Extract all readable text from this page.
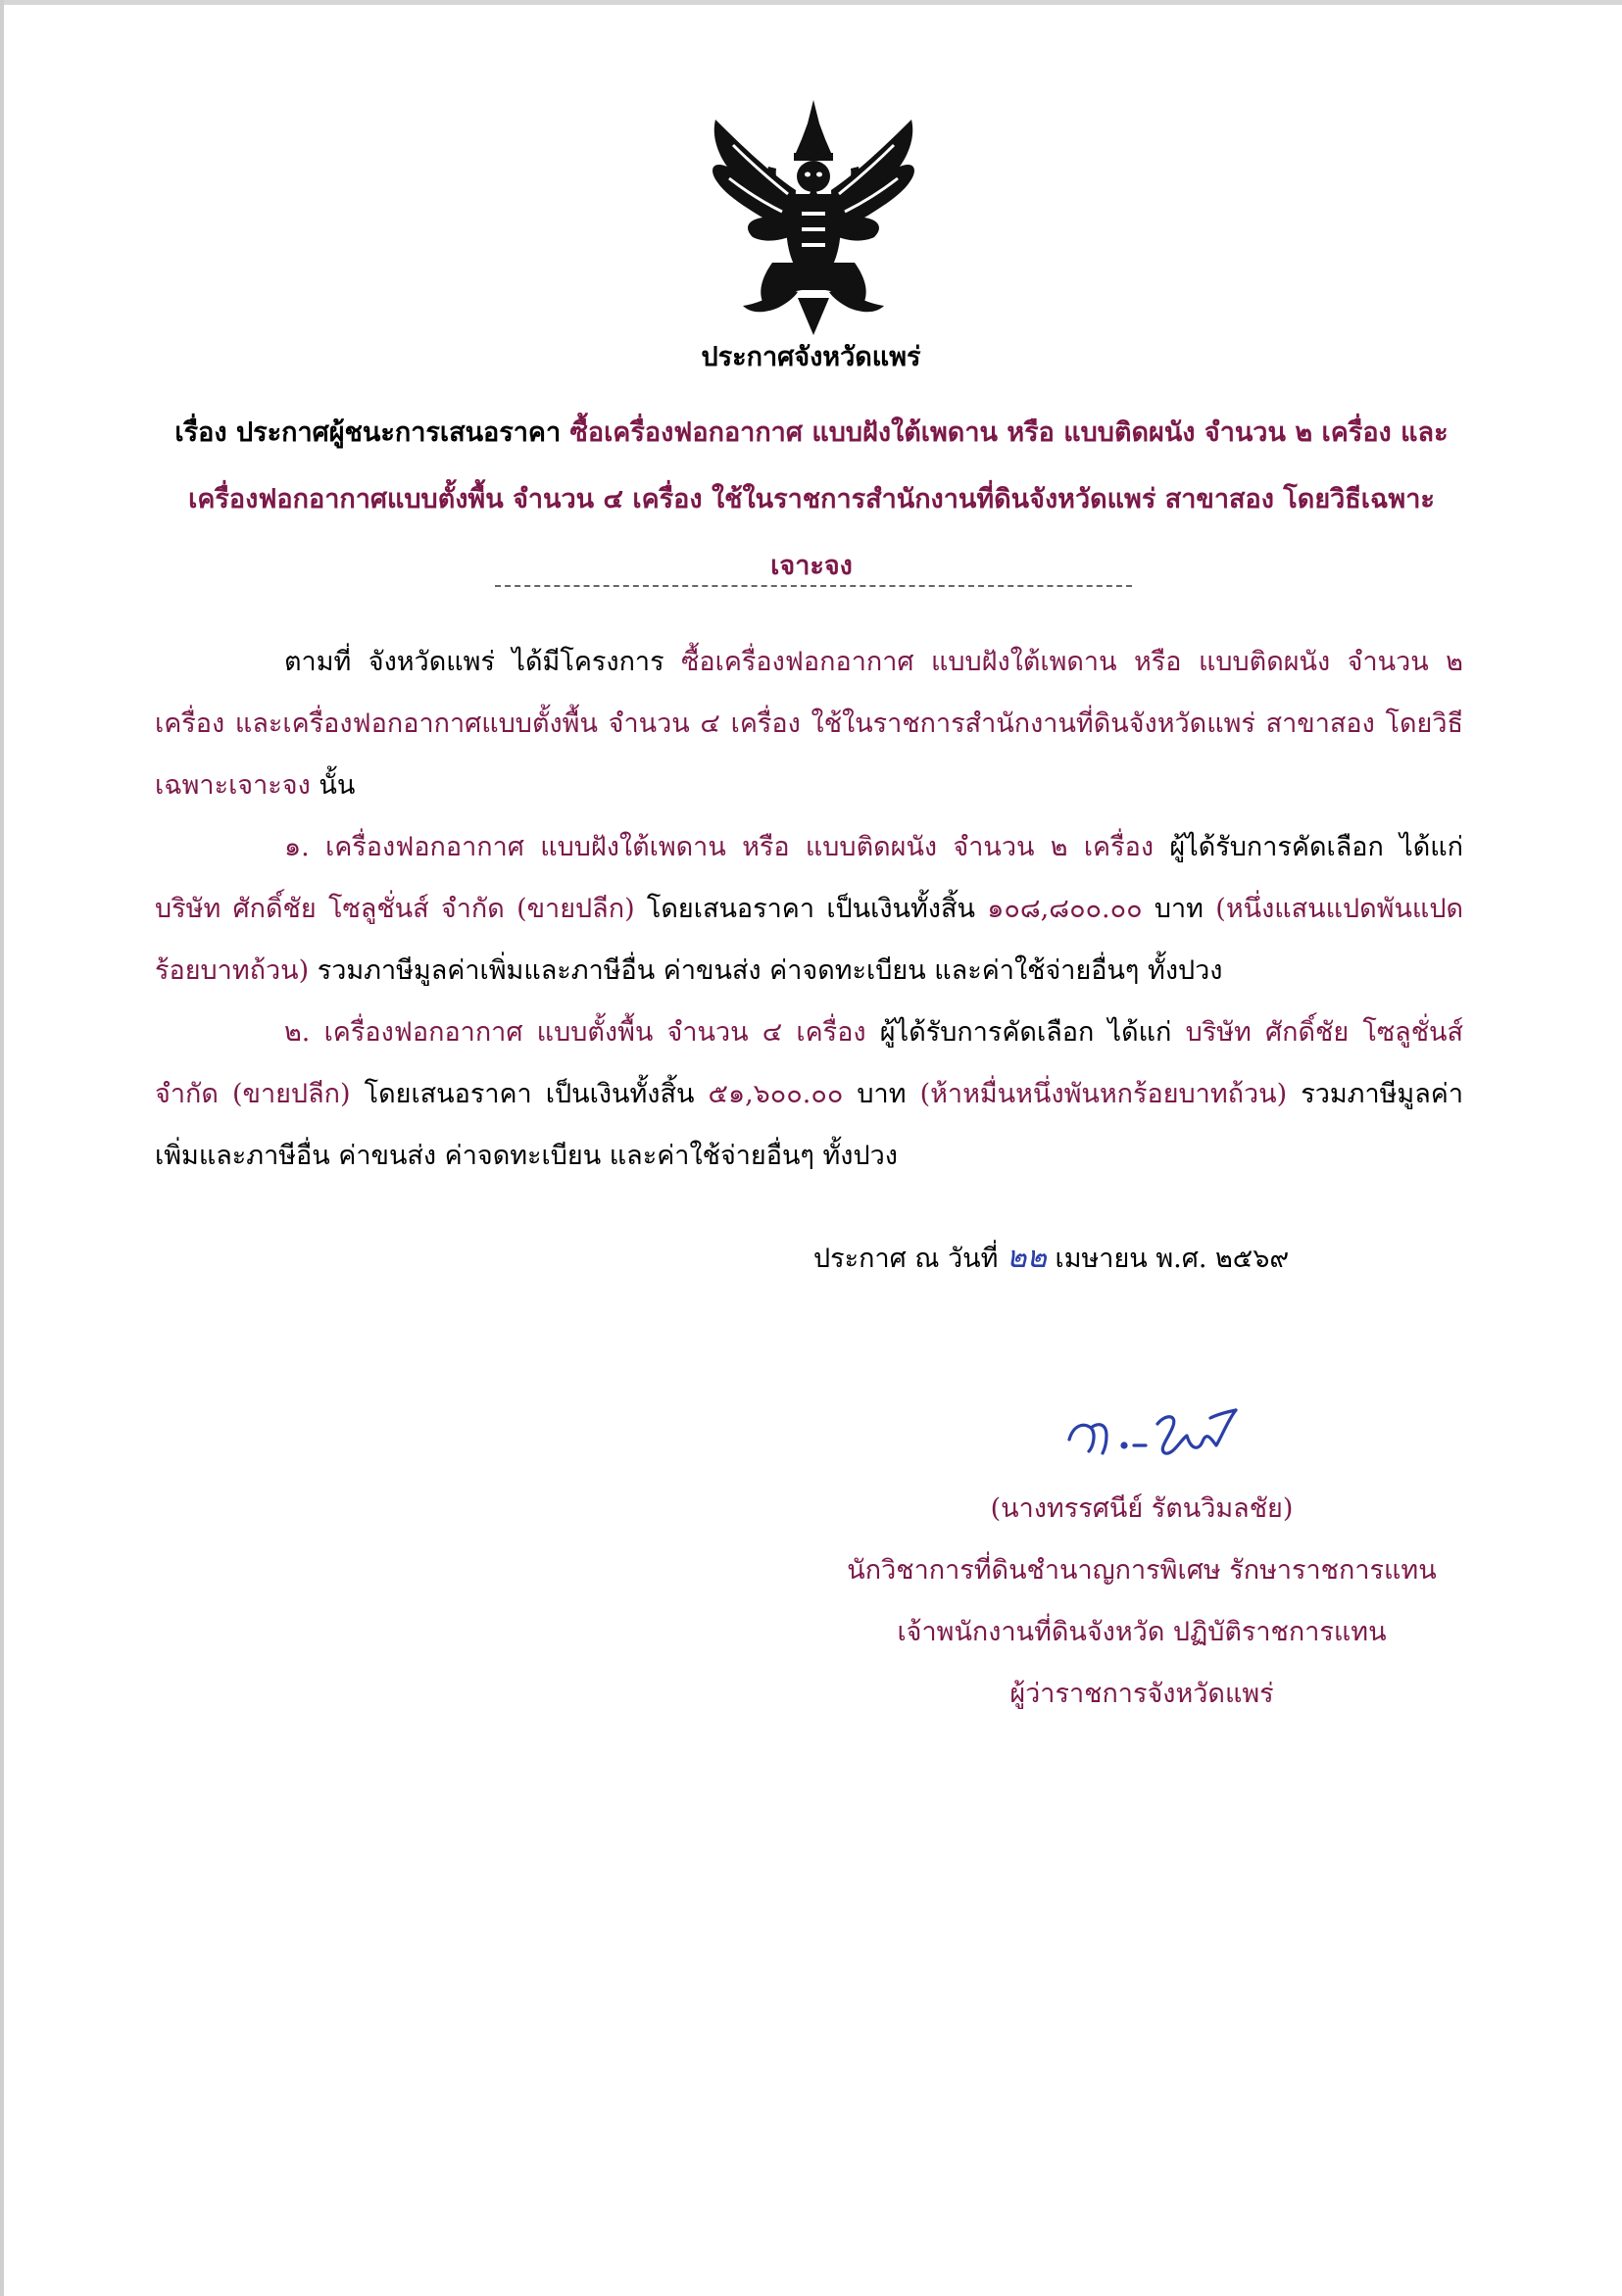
ประกาศจังหวัดแพร่
เรื่อง ประกาศผู้ชนะการเสนอราคา ซื้อเครื่องฟอกอากาศ แบบฝังใต้เพดาน หรือ แบบติดผนัง จำนวน ๒ เครื่อง และเครื่องฟอกอากาศแบบตั้งพื้น จำนวน ๔ เครื่อง ใช้ในราชการสำนักงานที่ดินจังหวัดแพร่ สาขาสอง โดยวิธีเฉพาะเจาะจง

ตามที่ จังหวัดแพร่ ได้มีโครงการ ซื้อเครื่องฟอกอากาศ แบบฝังใต้เพดาน หรือ แบบติดผนัง จำนวน ๒ เครื่อง และเครื่องฟอกอากาศแบบตั้งพื้น จำนวน ๔ เครื่อง ใช้ในราชการสำนักงานที่ดินจังหวัดแพร่ สาขาสอง โดยวิธีเฉพาะเจาะจง นั้น

๑. เครื่องฟอกอากาศ แบบฝังใต้เพดาน หรือ แบบติดผนัง จำนวน ๒ เครื่อง ผู้ได้รับการคัดเลือก ได้แก่ บริษัท ศักดิ์ชัย โซลูชั่นส์ จำกัด (ขายปลีก) โดยเสนอราคา เป็นเงินทั้งสิ้น ๑๐๘,๘๐๐.๐๐ บาท (หนึ่งแสนแปดพันแปดร้อยบาทถ้วน) รวมภาษีมูลค่าเพิ่มและภาษีอื่น ค่าขนส่ง ค่าจดทะเบียน และค่าใช้จ่ายอื่นๆ ทั้งปวง

๒. เครื่องฟอกอากาศ แบบตั้งพื้น จำนวน ๔ เครื่อง ผู้ได้รับการคัดเลือก ได้แก่ บริษัท ศักดิ์ชัย โซลูชั่นส์ จำกัด (ขายปลีก) โดยเสนอราคา เป็นเงินทั้งสิ้น ๕๑,๖๐๐.๐๐ บาท (ห้าหมื่นหนึ่งพันหกร้อยบาทถ้วน) รวมภาษีมูลค่าเพิ่มและภาษีอื่น ค่าขนส่ง ค่าจดทะเบียน และค่าใช้จ่ายอื่นๆ ทั้งปวง

ประกาศ ณ วันที่ ๒๒ เมษายน พ.ศ. ๒๕๖๙
(นางทรรศนีย์ รัตนวิมลชัย)
นักวิชาการที่ดินชำนาญการพิเศษ รักษาราชการแทน
เจ้าพนักงานที่ดินจังหวัด ปฏิบัติราชการแทน
ผู้ว่าราชการจังหวัดแพร่
